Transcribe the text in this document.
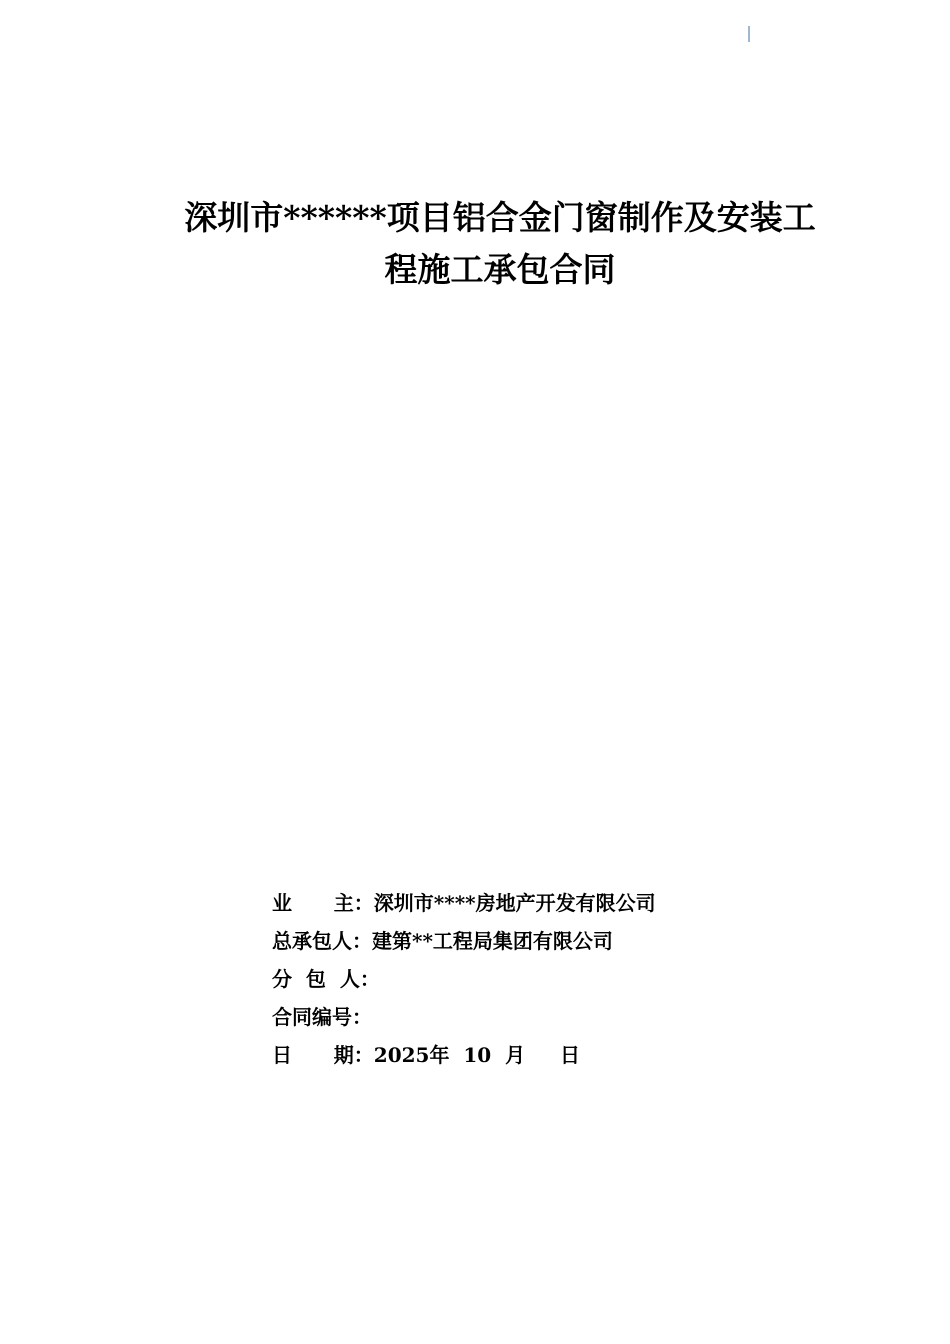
深圳市******项目铝合金门窗制作及安装工
程施工承包合同
业      主： 深圳市****房地产开发有限公司
总承包人： 建第**工程局集团有限公司
分  包  人：
合同编号：
日      期： 2025年  10  月     日
